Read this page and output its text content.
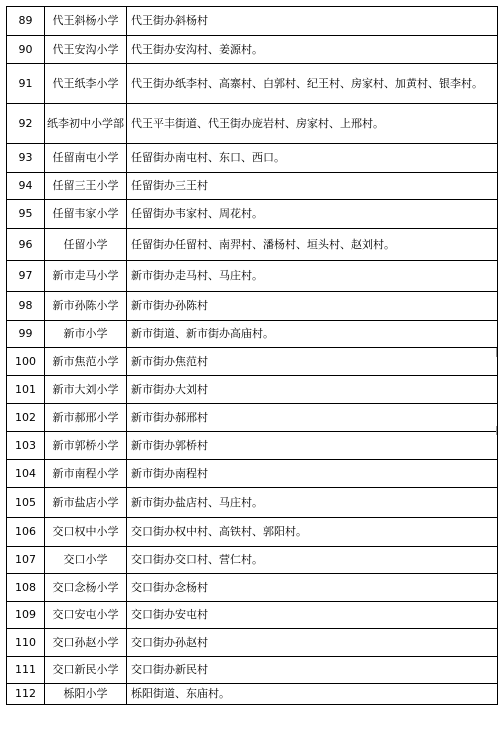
89	代王斜杨小学	代王街办斜杨村
90	代王安沟小学	代王街办安沟村、姜源村。
91	代王纸李小学	代王街办纸李村、高寨村、白郭村、纪王村、房家村、加黄村、银李村。
92	纸李初中小学部	代王平丰街道、代王街办庞岩村、房家村、上邢村。
93	任留南屯小学	任留街办南屯村、东口、西口。
94	任留三王小学	任留街办三王村
95	任留韦家小学	任留街办韦家村、周花村。
96	任留小学	任留街办任留村、南羿村、潘杨村、垣头村、赵刘村。
97	新市走马小学	新市街办走马村、马庄村。
98	新市孙陈小学	新市街办孙陈村
99	新市小学	新市街道、新市街办高庙村。
100	新市焦范小学	新市街办焦范村
101	新市大刘小学	新市街办大刘村
102	新市郝邢小学	新市街办郝邢村
103	新市郭桥小学	新市街办郭桥村
104	新市南程小学	新市街办南程村
105	新市盐店小学	新市街办盐店村、马庄村。
106	交口权中小学	交口街办权中村、高铁村、郭阳村。
107	交口小学	交口街办交口村、营仁村。
108	交口念杨小学	交口街办念杨村
109	交口安屯小学	交口街办安屯村
110	交口孙赵小学	交口街办孙赵村
111	交口新民小学	交口街办新民村
112	栎阳小学	栎阳街道、东庙村。
